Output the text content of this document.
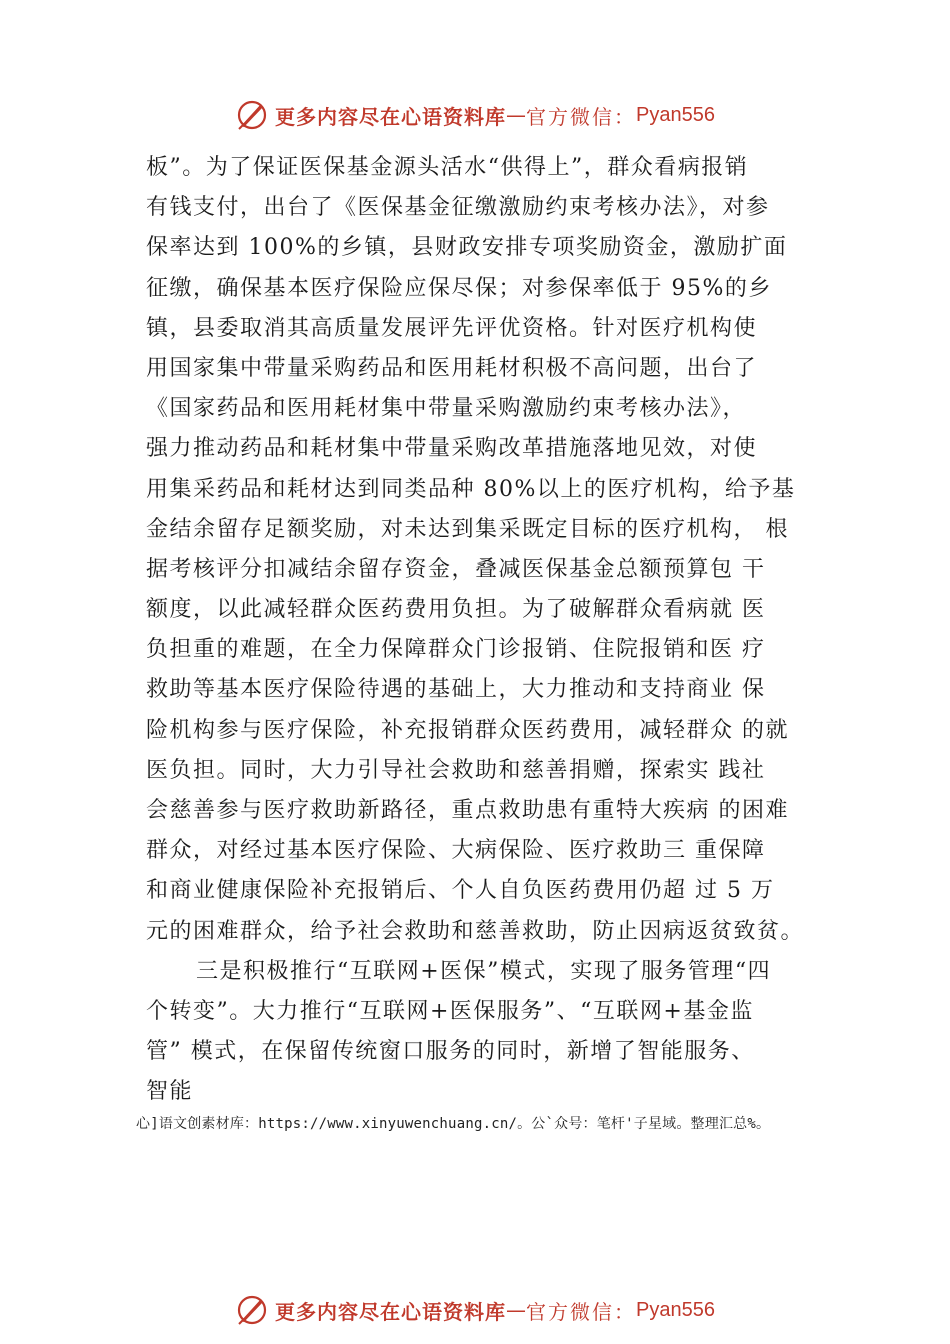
更多内容尽在心语资料库 — 官方微信： Pyan556
板”。为了保证医保基金源头活水“供得上”，群众看病报销
有钱支付，出台了《医保基金征缴激励约束考核办法》，对参
保率达到 100%的乡镇，县财政安排专项奖励资金，激励扩面
征缴，确保基本医疗保险应保尽保；对参保率低于 95%的乡
镇，县委取消其高质量发展评先评优资格。针对医疗机构使
用国家集中带量采购药品和医用耗材积极不高问题，出台了
《国家药品和医用耗材集中带量采购激励约束考核办法》，
强力推动药品和耗材集中带量采购改革措施落地见效，对使
用集采药品和耗材达到同类品种 80%以上的医疗机构，给予基
金结余留存足额奖励，对未达到集采既定目标的医疗机构， 根
据考核评分扣减结余留存资金，叠减医保基金总额预算包 干
额度，以此减轻群众医药费用负担。为了破解群众看病就 医
负担重的难题，在全力保障群众门诊报销、住院报销和医 疗
救助等基本医疗保险待遇的基础上，大力推动和支持商业 保
险机构参与医疗保险，补充报销群众医药费用，减轻群众 的就
医负担。同时，大力引导社会救助和慈善捐赠，探索实 践社
会慈善参与医疗救助新路径，重点救助患有重特大疾病 的困难
群众，对经过基本医疗保险、大病保险、医疗救助三 重保障
和商业健康保险补充报销后、个人自负医药费用仍超 过 5 万
元的困难群众，给予社会救助和慈善救助，防止因病返贫致贫。
三是积极推行“互联网+医保”模式，实现了服务管理“四
个转变”。大力推行“互联网+医保服务”、“互联网+基金监
管” 模式，在保留传统窗口服务的同时，新增了智能服务、
智能
心]语文创素材库：https://www.xinyuwenchuang.cn/。公`众号：笔杆'子星域。整理汇总%。
更多内容尽在心语资料库 — 官方微信： Pyan556
